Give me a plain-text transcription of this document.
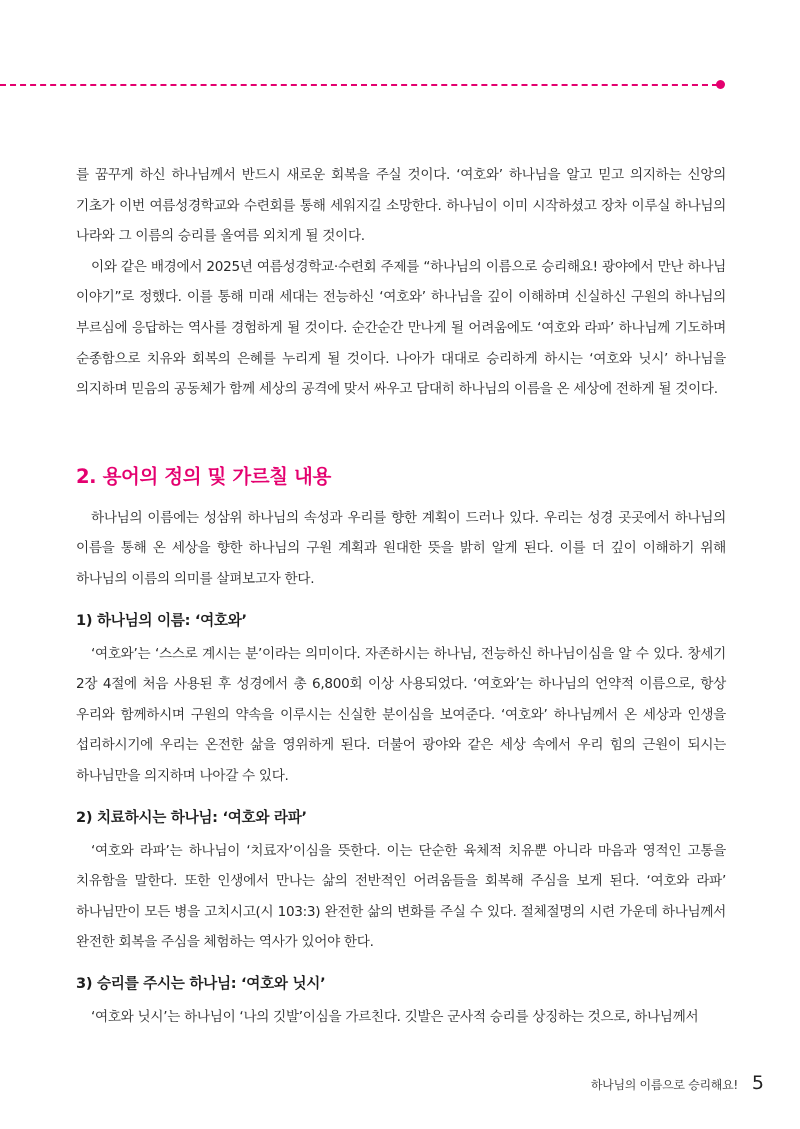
를 꿈꾸게 하신 하나님께서 반드시 새로운 회복을 주실 것이다. ‘여호와’ 하나님을 알고 믿고 의지하는 신앙의 기초가 이번 여름성경학교와 수련회를 통해 세워지길 소망한다. 하나님이 이미 시작하셨고 장차 이루실 하나님의 나라와 그 이름의 승리를 올여름 외치게 될 것이다.

이와 같은 배경에서 2025년 여름성경학교·수련회 주제를 “하나님의 이름으로 승리해요! 광야에서 만난 하나님 이야기”로 정했다. 이를 통해 미래 세대는 전능하신 ‘여호와’ 하나님을 깊이 이해하며 신실하신 구원의 하나님의 부르심에 응답하는 역사를 경험하게 될 것이다. 순간순간 만나게 될 어려움에도 ‘여호와 라파’ 하나님께 기도하며 순종함으로 치유와 회복의 은혜를 누리게 될 것이다. 나아가 대대로 승리하게 하시는 ‘여호와 닛시’ 하나님을 의지하며 믿음의 공동체가 함께 세상의 공격에 맞서 싸우고 담대히 하나님의 이름을 온 세상에 전하게 될 것이다.

2. 용어의 정의 및 가르칠 내용

하나님의 이름에는 성삼위 하나님의 속성과 우리를 향한 계획이 드러나 있다. 우리는 성경 곳곳에서 하나님의 이름을 통해 온 세상을 향한 하나님의 구원 계획과 원대한 뜻을 밝히 알게 된다. 이를 더 깊이 이해하기 위해 하나님의 이름의 의미를 살펴보고자 한다.

1) 하나님의 이름: ‘여호와’

‘여호와’는 ‘스스로 계시는 분’이라는 의미이다. 자존하시는 하나님, 전능하신 하나님이심을 알 수 있다. 창세기 2장 4절에 처음 사용된 후 성경에서 총 6,800회 이상 사용되었다. ‘여호와’는 하나님의 언약적 이름으로, 항상 우리와 함께하시며 구원의 약속을 이루시는 신실한 분이심을 보여준다. ‘여호와’ 하나님께서 온 세상과 인생을 섭리하시기에 우리는 온전한 삶을 영위하게 된다. 더불어 광야와 같은 세상 속에서 우리 힘의 근원이 되시는 하나님만을 의지하며 나아갈 수 있다.

2) 치료하시는 하나님: ‘여호와 라파’

‘여호와 라파’는 하나님이 ‘치료자’이심을 뜻한다. 이는 단순한 육체적 치유뿐 아니라 마음과 영적인 고통을 치유함을 말한다. 또한 인생에서 만나는 삶의 전반적인 어려움들을 회복해 주심을 보게 된다. ‘여호와 라파’ 하나님만이 모든 병을 고치시고(시 103:3) 완전한 삶의 변화를 주실 수 있다. 절체절명의 시련 가운데 하나님께서 완전한 회복을 주심을 체험하는 역사가 있어야 한다.

3) 승리를 주시는 하나님: ‘여호와 닛시’

‘여호와 닛시’는 하나님이 ‘나의 깃발’이심을 가르친다. 깃발은 군사적 승리를 상징하는 것으로, 하나님께서

하나님의 이름으로 승리해요! 5
